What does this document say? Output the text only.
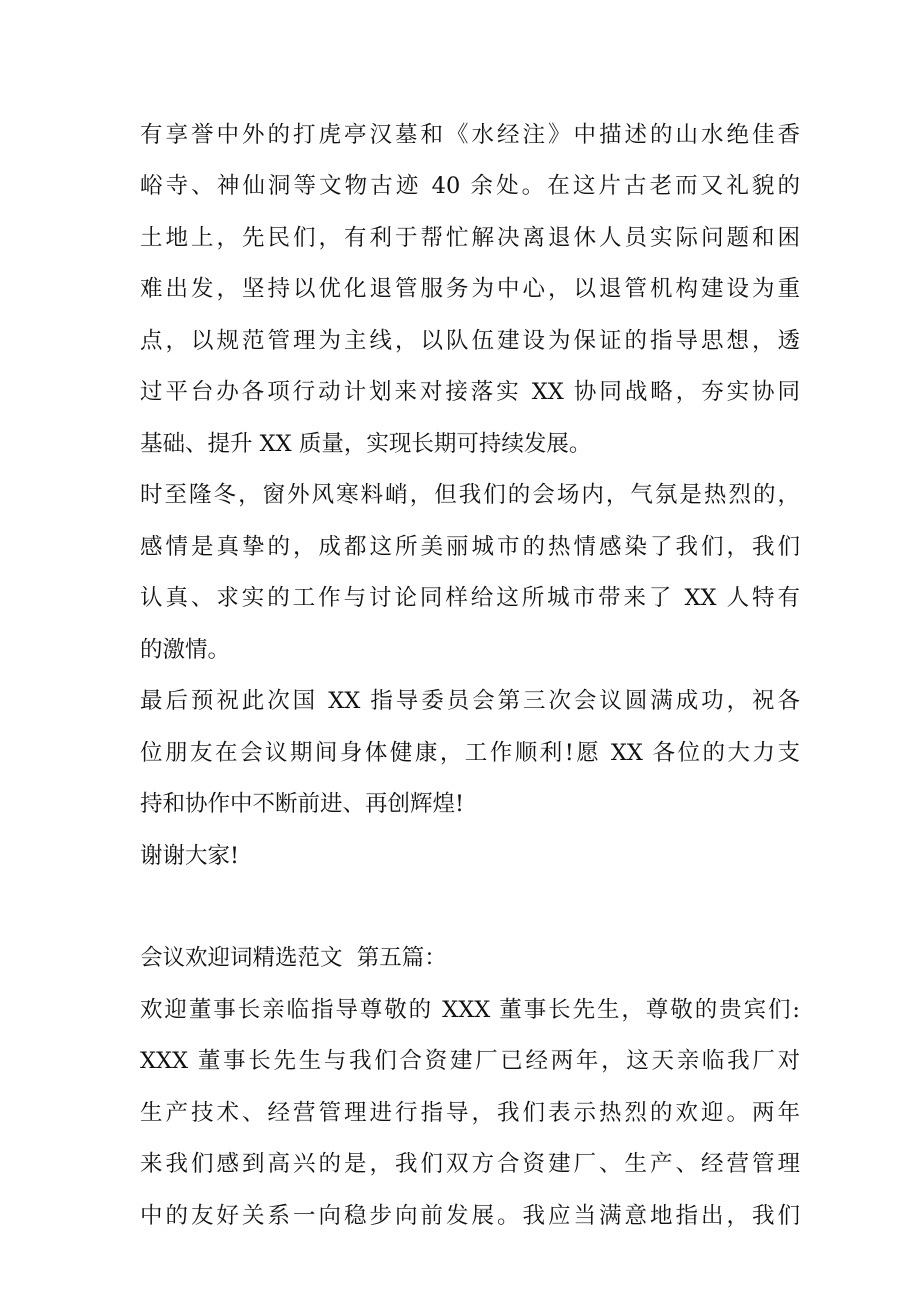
有享誉中外的打虎亭汉墓和《水经注》中描述的山水绝佳香
峪寺、神仙洞等文物古迹 40 余处。在这片古老而又礼貌的
土地上，先民们，有利于帮忙解决离退休人员实际问题和困
难出发，坚持以优化退管服务为中心，以退管机构建设为重
点，以规范管理为主线，以队伍建设为保证的指导思想，透
过平台办各项行动计划来对接落实 XX 协同战略，夯实协同
基础、提升 XX 质量，实现长期可持续发展。
时至隆冬，窗外风寒料峭，但我们的会场内，气氛是热烈的，
感情是真挚的，成都这所美丽城市的热情感染了我们，我们
认真、求实的工作与讨论同样给这所城市带来了 XX 人特有
的激情。
最后预祝此次国 XX 指导委员会第三次会议圆满成功，祝各
位朋友在会议期间身体健康，工作顺利!愿 XX 各位的大力支
持和协作中不断前进、再创辉煌!
谢谢大家!
会议欢迎词精选范文  第五篇：
欢迎董事长亲临指导尊敬的 XXX 董事长先生，尊敬的贵宾们:
XXX 董事长先生与我们合资建厂已经两年，这天亲临我厂对
生产技术、经营管理进行指导，我们表示热烈的欢迎。两年
来我们感到高兴的是，我们双方合资建厂、生产、经营管理
中的友好关系一向稳步向前发展。我应当满意地指出，我们
